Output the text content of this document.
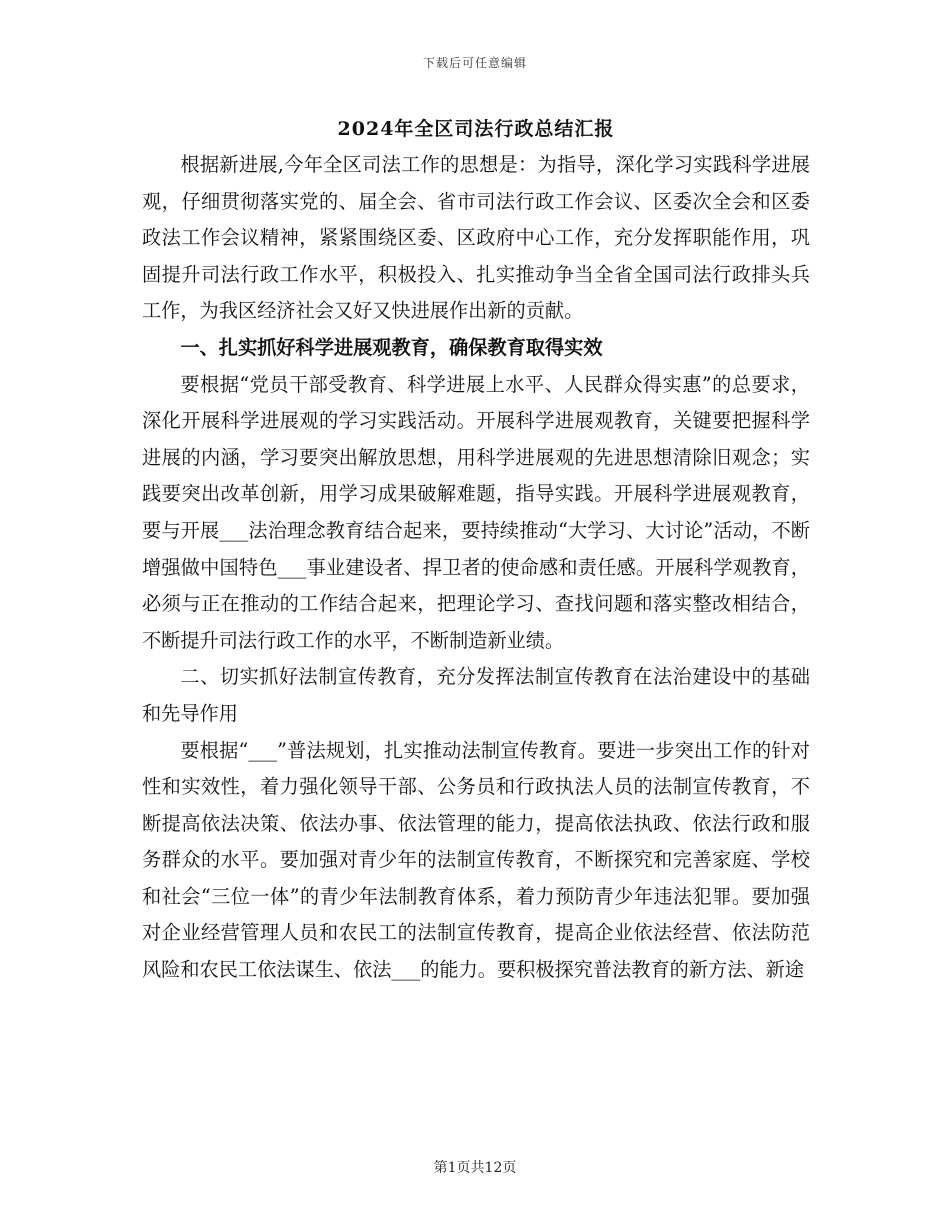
下载后可任意编辑
2024年全区司法行政总结汇报

根据新进展,今年全区司法工作的思想是：为指导，深化学习实践科学进展观，仔细贯彻落实党的、届全会、省市司法行政工作会议、区委次全会和区委政法工作会议精神，紧紧围绕区委、区政府中心工作，充分发挥职能作用，巩固提升司法行政工作水平，积极投入、扎实推动争当全省全国司法行政排头兵工作，为我区经济社会又好又快进展作出新的贡献。

一、扎实抓好科学进展观教育，确保教育取得实效

要根据“党员干部受教育、科学进展上水平、人民群众得实惠”的总要求，深化开展科学进展观的学习实践活动。开展科学进展观教育，关键要把握科学进展的内涵，学习要突出解放思想，用科学进展观的先进思想清除旧观念；实践要突出改革创新，用学习成果破解难题，指导实践。开展科学进展观教育，要与开展___法治理念教育结合起来，要持续推动“大学习、大讨论”活动，不断增强做中国特色___事业建设者、捍卫者的使命感和责任感。开展科学观教育，必须与正在推动的工作结合起来，把理论学习、查找问题和落实整改相结合，不断提升司法行政工作的水平，不断制造新业绩。

二、切实抓好法制宣传教育，充分发挥法制宣传教育在法治建设中的基础和先导作用

要根据“___”普法规划，扎实推动法制宣传教育。要进一步突出工作的针对性和实效性，着力强化领导干部、公务员和行政执法人员的法制宣传教育，不断提高依法决策、依法办事、依法管理的能力，提高依法执政、依法行政和服务群众的水平。要加强对青少年的法制宣传教育，不断探究和完善家庭、学校和社会“三位一体”的青少年法制教育体系，着力预防青少年违法犯罪。要加强对企业经营管理人员和农民工的法制宣传教育，提高企业依法经营、依法防范风险和农民工依法谋生、依法___的能力。要积极探究普法教育的新方法、新途

第1页共12页
